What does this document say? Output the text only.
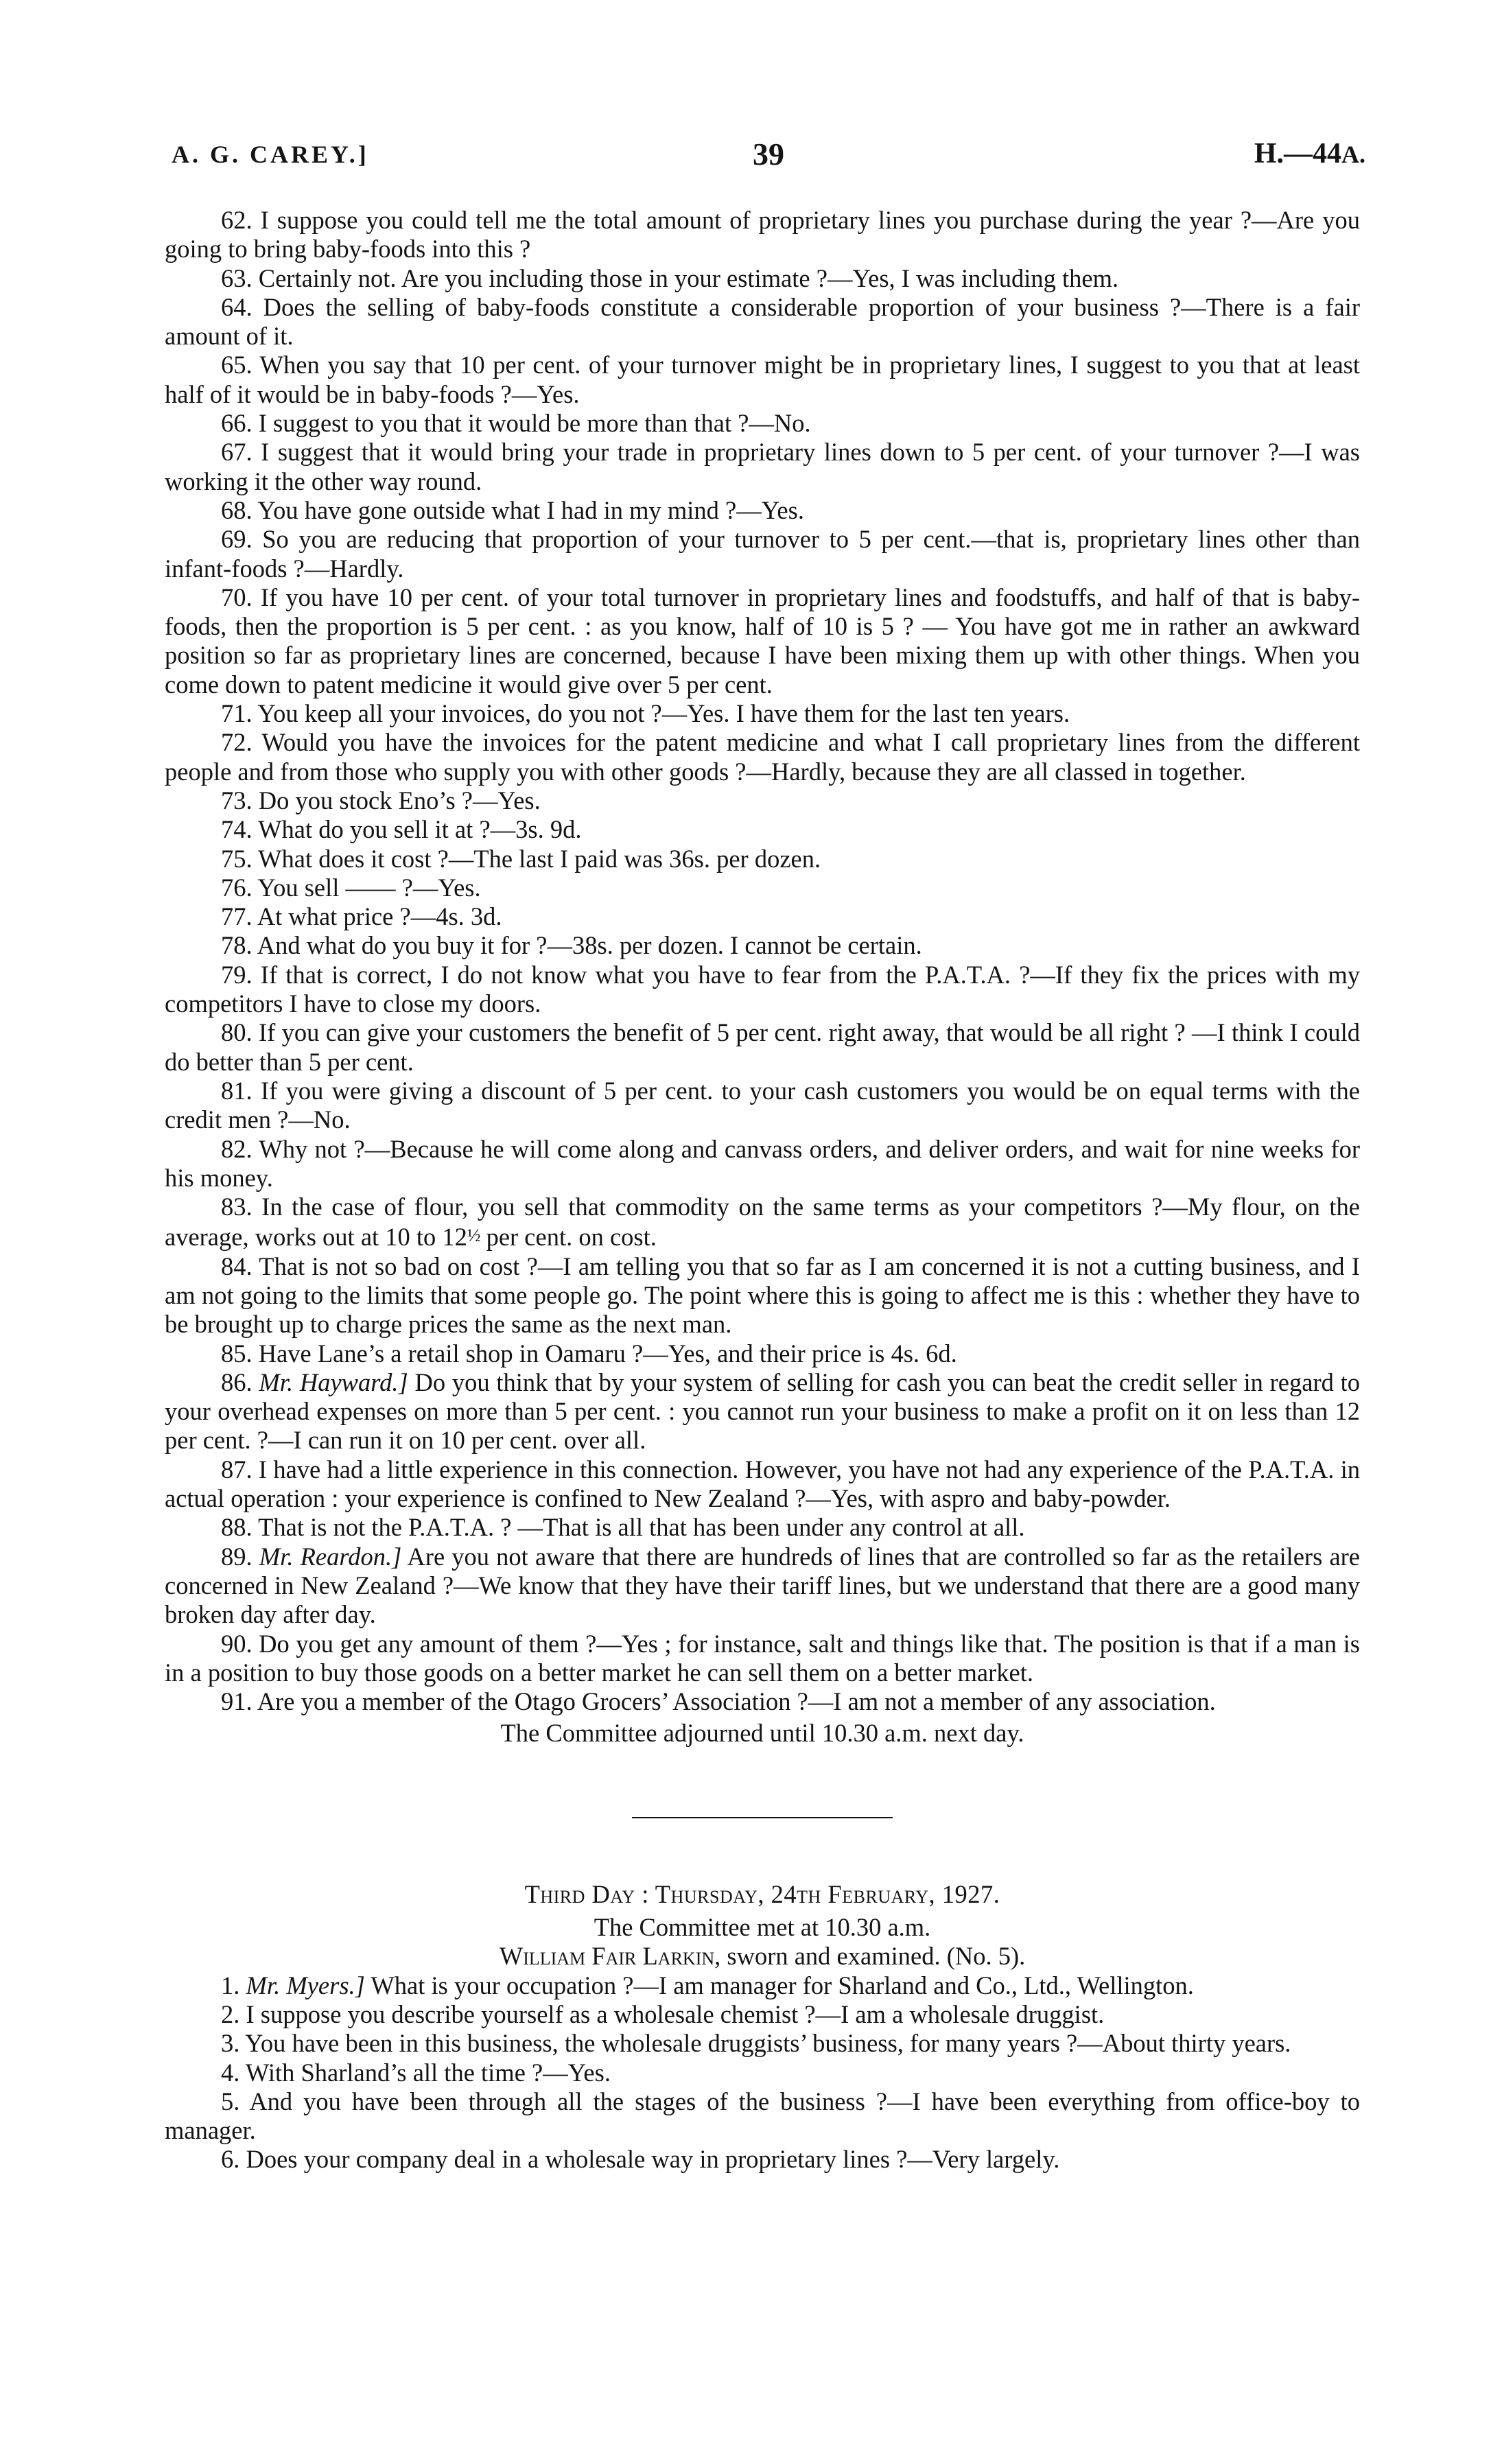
A. G. CAREY.]	39	H.—44A.

62. I suppose you could tell me the total amount of proprietary lines you purchase during the year ?—Are you going to bring baby-foods into this ?

63. Certainly not. Are you including those in your estimate ?—Yes, I was including them.

64. Does the selling of baby-foods constitute a considerable proportion of your business ?—There is a fair amount of it.

65. When you say that 10 per cent. of your turnover might be in proprietary lines, I suggest to you that at least half of it would be in baby-foods ?—Yes.

66. I suggest to you that it would be more than that ?—No.

67. I suggest that it would bring your trade in proprietary lines down to 5 per cent. of your turnover ?—I was working it the other way round.

68. You have gone outside what I had in my mind ?—Yes.

69. So you are reducing that proportion of your turnover to 5 per cent.—that is, proprietary lines other than infant-foods ?—Hardly.

70. If you have 10 per cent. of your total turnover in proprietary lines and foodstuffs, and half of that is baby-foods, then the proportion is 5 per cent. : as you know, half of 10 is 5 ? — You have got me in rather an awkward position so far as proprietary lines are concerned, because I have been mixing them up with other things. When you come down to patent medicine it would give over 5 per cent.

71. You keep all your invoices, do you not ?—Yes. I have them for the last ten years.

72. Would you have the invoices for the patent medicine and what I call proprietary lines from the different people and from those who supply you with other goods ?—Hardly, because they are all classed in together.

73. Do you stock Eno’s ?—Yes.

74. What do you sell it at ?—3s. 9d.

75. What does it cost ?—The last I paid was 36s. per dozen.

76. You sell —— ?—Yes.

77. At what price ?—4s. 3d.

78. And what do you buy it for ?—38s. per dozen. I cannot be certain.

79. If that is correct, I do not know what you have to fear from the P.A.T.A. ?—If they fix the prices with my competitors I have to close my doors.

80. If you can give your customers the benefit of 5 per cent. right away, that would be all right ? —I think I could do better than 5 per cent.

81. If you were giving a discount of 5 per cent. to your cash customers you would be on equal terms with the credit men ?—No.

82. Why not ?—Because he will come along and canvass orders, and deliver orders, and wait for nine weeks for his money.

83. In the case of flour, you sell that commodity on the same terms as your competitors ?—My flour, on the average, works out at 10 to 12½ per cent. on cost.

84. That is not so bad on cost ?—I am telling you that so far as I am concerned it is not a cutting business, and I am not going to the limits that some people go. The point where this is going to affect me is this : whether they have to be brought up to charge prices the same as the next man.

85. Have Lane’s a retail shop in Oamaru ?—Yes, and their price is 4s. 6d.

86. Mr. Hayward.] Do you think that by your system of selling for cash you can beat the credit seller in regard to your overhead expenses on more than 5 per cent. : you cannot run your business to make a profit on it on less than 12 per cent. ?—I can run it on 10 per cent. over all.

87. I have had a little experience in this connection. However, you have not had any experience of the P.A.T.A. in actual operation : your experience is confined to New Zealand ?—Yes, with aspro and baby-powder.

88. That is not the P.A.T.A. ? —That is all that has been under any control at all.

89. Mr. Reardon.] Are you not aware that there are hundreds of lines that are controlled so far as the retailers are concerned in New Zealand ?—We know that they have their tariff lines, but we understand that there are a good many broken day after day.

90. Do you get any amount of them ?—Yes ; for instance, salt and things like that. The position is that if a man is in a position to buy those goods on a better market he can sell them on a better market.

91. Are you a member of the Otago Grocers’ Association ?—I am not a member of any association.

The Committee adjourned until 10.30 a.m. next day.

Third Day : Thursday, 24th February, 1927.

The Committee met at 10.30 a.m.

William Fair Larkin, sworn and examined. (No. 5).

1. Mr. Myers.] What is your occupation ?—I am manager for Sharland and Co., Ltd., Wellington.

2. I suppose you describe yourself as a wholesale chemist ?—I am a wholesale druggist.

3. You have been in this business, the wholesale druggists’ business, for many years ?—About thirty years.

4. With Sharland’s all the time ?—Yes.

5. And you have been through all the stages of the business ?—I have been everything from office-boy to manager.

6. Does your company deal in a wholesale way in proprietary lines ?—Very largely.
